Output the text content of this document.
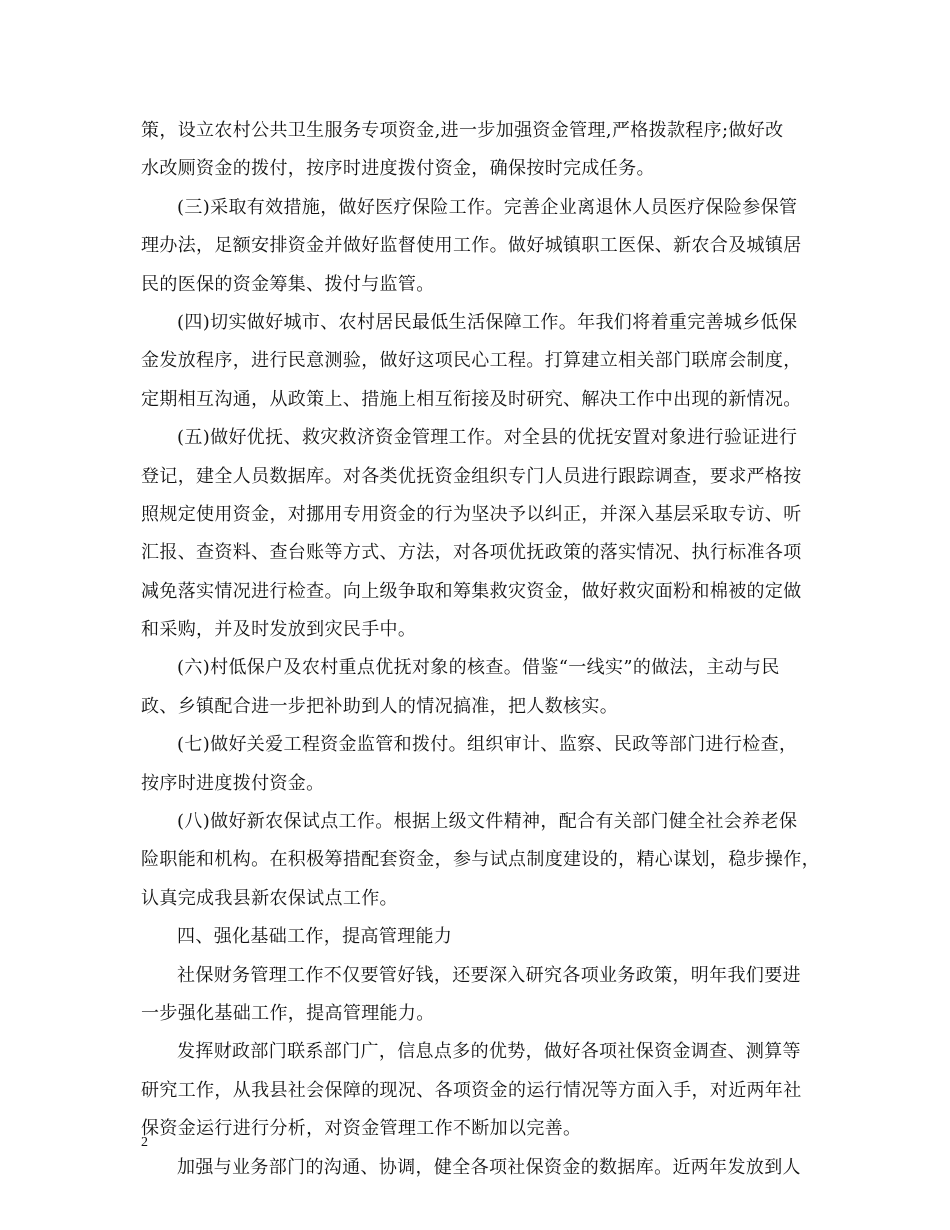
策，设立农村公共卫生服务专项资金,进一步加强资金管理,严格拨款程序;做好改
水改厕资金的拨付，按序时进度拨付资金，确保按时完成任务。
(三)采取有效措施，做好医疗保险工作。完善企业离退休人员医疗保险参保管
理办法，足额安排资金并做好监督使用工作。做好城镇职工医保、新农合及城镇居
民的医保的资金筹集、拨付与监管。
(四)切实做好城市、农村居民最低生活保障工作。年我们将着重完善城乡低保
金发放程序，进行民意测验，做好这项民心工程。打算建立相关部门联席会制度，
定期相互沟通，从政策上、措施上相互衔接及时研究、解决工作中出现的新情况。
(五)做好优抚、救灾救济资金管理工作。对全县的优抚安置对象进行验证进行
登记，建全人员数据库。对各类优抚资金组织专门人员进行跟踪调查，要求严格按
照规定使用资金，对挪用专用资金的行为坚决予以纠正，并深入基层采取专访、听
汇报、查资料、查台账等方式、方法，对各项优抚政策的落实情况、执行标准各项
减免落实情况进行检查。向上级争取和筹集救灾资金，做好救灾面粉和棉被的定做
和采购，并及时发放到灾民手中。
(六)村低保户及农村重点优抚对象的核查。借鉴“一线实”的做法，主动与民
政、乡镇配合进一步把补助到人的情况搞准，把人数核实。
(七)做好关爱工程资金监管和拨付。组织审计、监察、民政等部门进行检查，
按序时进度拨付资金。
(八)做好新农保试点工作。根据上级文件精神，配合有关部门健全社会养老保
险职能和机构。在积极筹措配套资金，参与试点制度建设的，精心谋划，稳步操作，
认真完成我县新农保试点工作。
四、强化基础工作，提高管理能力
社保财务管理工作不仅要管好钱，还要深入研究各项业务政策，明年我们要进
一步强化基础工作，提高管理能力。
发挥财政部门联系部门广，信息点多的优势，做好各项社保资金调查、测算等
研究工作，从我县社会保障的现况、各项资金的运行情况等方面入手，对近两年社
保资金运行进行分析，对资金管理工作不断加以完善。
加强与业务部门的沟通、协调，健全各项社保资金的数据库。近两年发放到人
2
